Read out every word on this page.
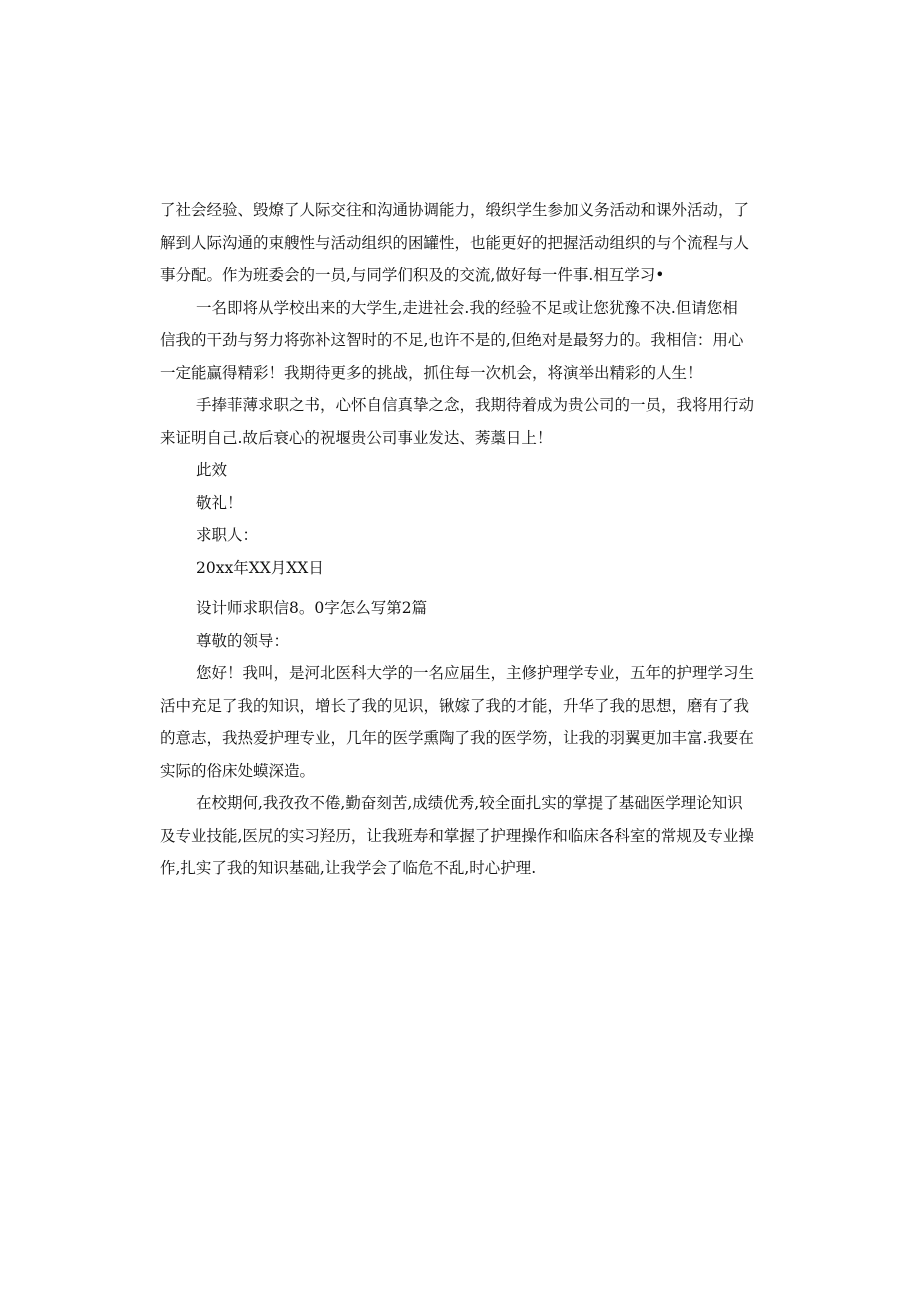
了社会经验、毁燎了人际交往和沟通协调能力，缎织学生参加义务活动和课外活动，了
解到人际沟通的束艘性与活动组织的困罐性，也能更好的把握活动组织的与个流程与人
事分配。作为班委会的一员,与同学们积及的交流,做好每一件事.相互学习•
一名即将从学校出来的大学生,走进社会.我的经验不足或让您犹豫不决.但请您相
信我的干劲与努力将弥补这智时的不足,也许不是的,但绝对是最努力的。我相信：用心
一定能赢得精彩！我期待更多的挑战，抓住每一次机会，将演举出精彩的人生！
手捧菲薄求职之书，心怀自信真挚之念，我期待着成为贵公司的一员，我将用行动
来证明自己.故后衰心的祝堰贵公司事业发达、莠藁日上！
此效
敬礼！
求职人：
20xx年XX月XX日
设计师求职信8。0字怎么写第2篇
尊敬的领导：
您好！我叫，是河北医科大学的一名应届生，主修护理学专业，五年的护理学习生
活中充足了我的知识，增长了我的见识，锹嫁了我的才能，升华了我的思想，磨有了我
的意志，我热爱护理专业，几年的医学熏陶了我的医学笏，让我的羽翼更加丰富.我要在
实际的俗床处蟆深造。
在校期何,我孜孜不倦,勤奋刻苦,成绩优秀,较全面扎实的掌提了基础医学理论知识
及专业技能,医尻的实习羟历，让我班寿和掌握了护理操作和临床各科室的常规及专业操
作,扎实了我的知识基础,让我学会了临危不乱,时心护理.
